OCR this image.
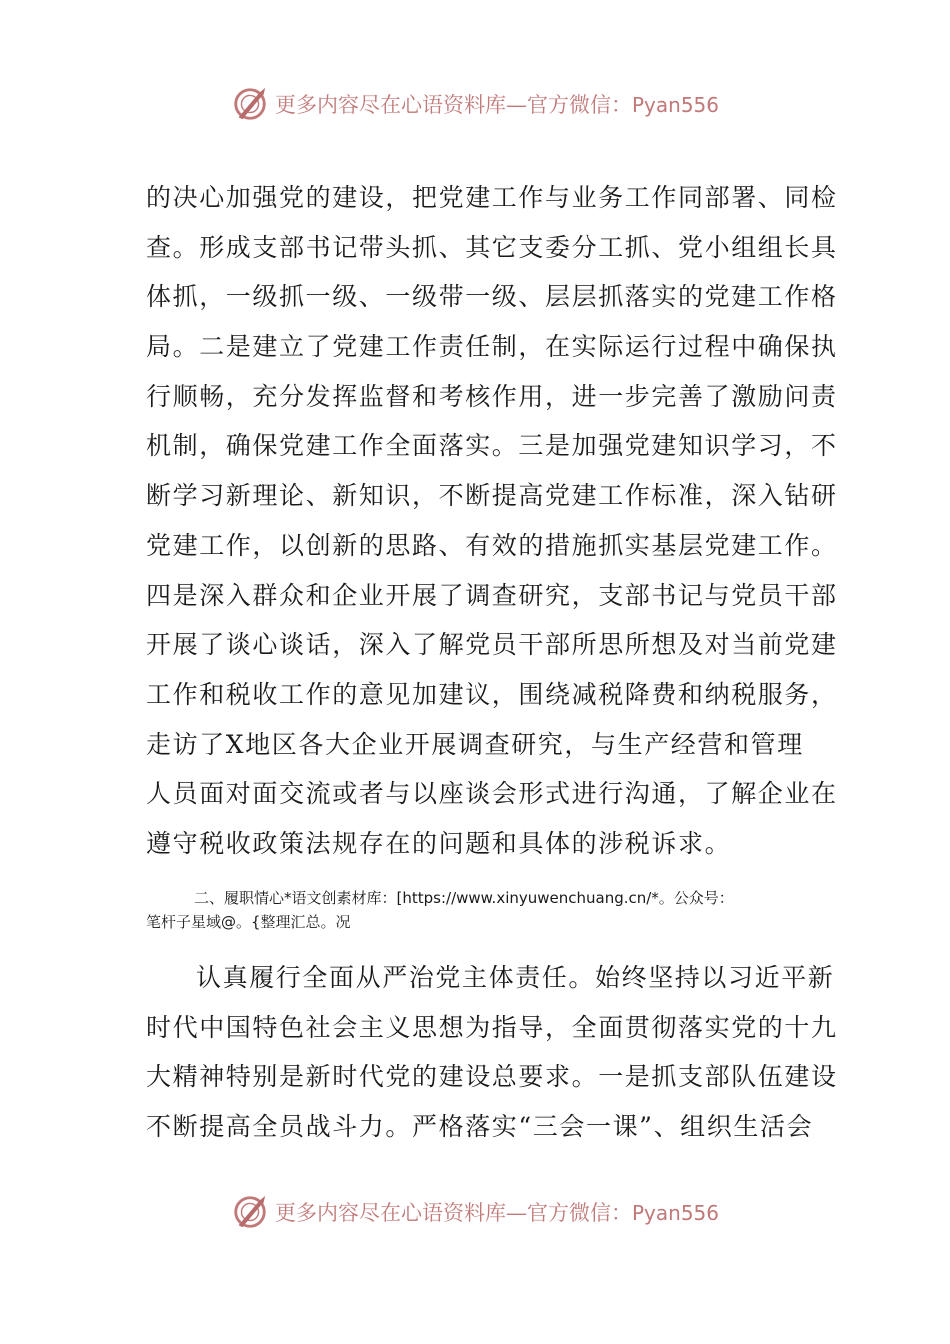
更多内容尽在心语资料库—官方微信：Pyan556
的决心加强党的建设，把党建工作与业务工作同部署、同检
查。形成支部书记带头抓、其它支委分工抓、党小组组长具
体抓，一级抓一级、一级带一级、层层抓落实的党建工作格
局。二是建立了党建工作责任制，在实际运行过程中确保执
行顺畅，充分发挥监督和考核作用，进一步完善了激励问责
机制，确保党建工作全面落实。三是加强党建知识学习，不
断学习新理论、新知识，不断提高党建工作标准，深入钻研
党建工作，以创新的思路、有效的措施抓实基层党建工作。
四是深入群众和企业开展了调查研究，支部书记与党员干部
开展了谈心谈话，深入了解党员干部所思所想及对当前党建
工作和税收工作的意见加建议，围绕减税降费和纳税服务，
走访了X地区各大企业开展调查研究，与生产经营和管理
人员面对面交流或者与以座谈会形式进行沟通，了解企业在
遵守税收政策法规存在的问题和具体的涉税诉求。
二、履职情心*语文创素材库：[https://www.xinyuwenchuang.cn/*。公众号：
笔杆子星域@。{整理汇总。况
认真履行全面从严治党主体责任。始终坚持以习近平新
时代中国特色社会主义思想为指导，全面贯彻落实党的十九
大精神特别是新时代党的建设总要求。一是抓支部队伍建设
不断提高全员战斗力。严格落实“三会一课”、组织生活会
更多内容尽在心语资料库—官方微信：Pyan556
